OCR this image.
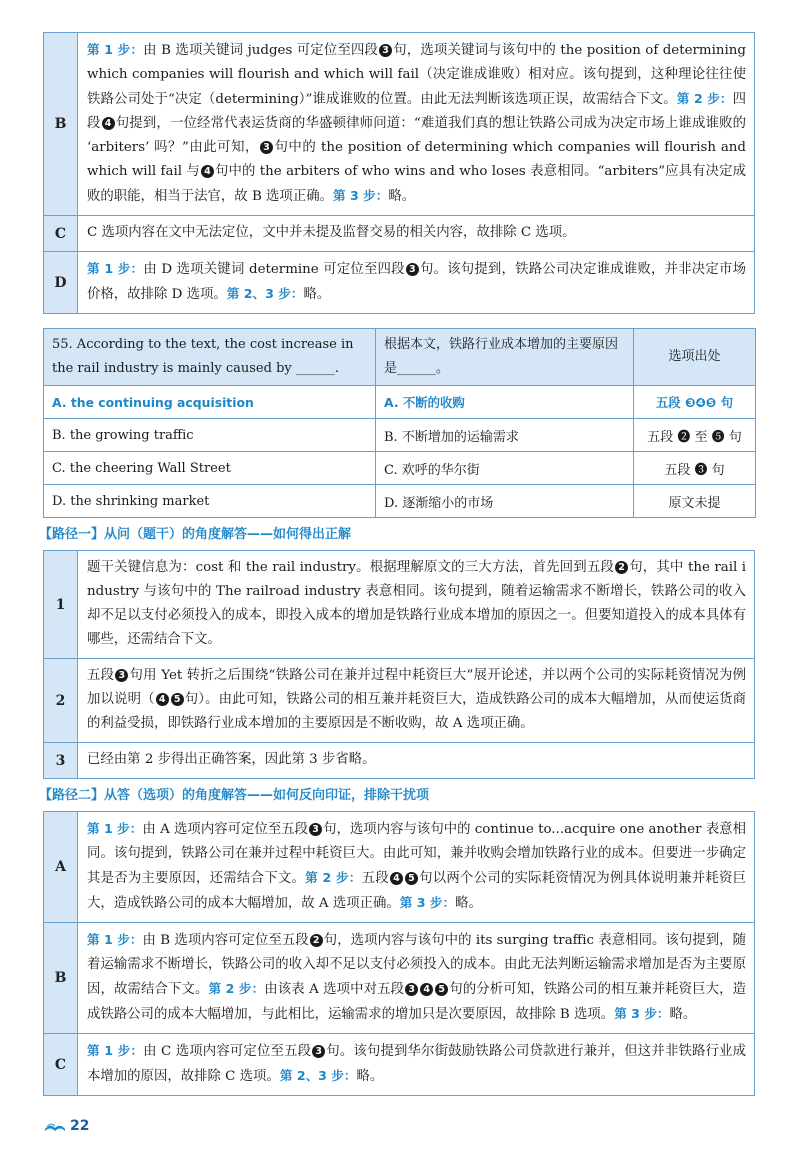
B	第 1 步：由 B 选项关键词 judges 可定位至四段 3 句，选项关键词与该句中的 the position of determining which companies will flourish and which will fail（决定谁成谁败）相对应。该句提到，这种理论往往使铁路公司处于“决定（determining）”谁成谁败的位置。由此无法判断该选项正误，故需结合下文。第 2 步：四段 4 句提到，一位经常代表运货商的华盛顿律师问道：“难道我们真的想让铁路公司成为决定市场上谁成谁败的 ‘arbiters’ 吗？”由此可知， 3 句中的 the position of determining which companies will flourish and which will fail 与 4 句中的 the arbiters of who wins and who loses 表意相同。“arbiters”应具有决定成败的职能，相当于法官，故 B 选项正确。第 3 步：略。
C	C 选项内容在文中无法定位，文中并未提及监督交易的相关内容，故排除 C 选项。
D	第 1 步：由 D 选项关键词 determine 可定位至四段 3 句。该句提到，铁路公司决定谁成谁败，并非决定市场价格，故排除 D 选项。第 2、3 步：略。
55. According to the text, the cost increase in the rail industry is mainly caused by ______.	根据本文，铁路行业成本增加的主要原因是______。	选项出处
A. the continuing acquisition	A. 不断的收购	五段 ❸❹❺ 句
B. the growing traffic	B. 不断增加的运输需求	五段 ❷ 至 ❺ 句
C. the cheering Wall Street	C. 欢呼的华尔街	五段 ❸ 句
D. the shrinking market	D. 逐渐缩小的市场	原文未提
【路径一】从问（题干）的角度解答——如何得出正解
1	题干关键信息为：cost 和 the rail industry。根据理解原文的三大方法，首先回到五段 2 句，其中 the rail industry 与该句中的 The railroad industry 表意相同。该句提到，随着运输需求不断增长，铁路公司的收入却不足以支付必须投入的成本，即投入成本的增加是铁路行业成本增加的原因之一。但要知道投入的成本具体有哪些，还需结合下文。
2	五段 3 句用 Yet 转折之后围绕“铁路公司在兼并过程中耗资巨大”展开论述，并以两个公司的实际耗资情况为例加以说明（ 4 5 句）。由此可知，铁路公司的相互兼并耗资巨大，造成铁路公司的成本大幅增加，从而使运货商的利益受损，即铁路行业成本增加的主要原因是不断收购，故 A 选项正确。
3	已经由第 2 步得出正确答案，因此第 3 步省略。
【路径二】从答（选项）的角度解答——如何反向印证，排除干扰项
A	第 1 步：由 A 选项内容可定位至五段 3 句，选项内容与该句中的 continue to...acquire one another 表意相同。该句提到，铁路公司在兼并过程中耗资巨大。由此可知，兼并收购会增加铁路行业的成本。但要进一步确定其是否为主要原因，还需结合下文。第 2 步：五段 4 5 句以两个公司的实际耗资情况为例具体说明兼并耗资巨大，造成铁路公司的成本大幅增加，故 A 选项正确。第 3 步：略。
B	第 1 步：由 B 选项内容可定位至五段 2 句，选项内容与该句中的 its surging traffic 表意相同。该句提到，随着运输需求不断增长，铁路公司的收入却不足以支付必须投入的成本。由此无法判断运输需求增加是否为主要原因，故需结合下文。第 2 步：由该表 A 选项中对五段 3 4 5 句的分析可知，铁路公司的相互兼并耗资巨大，造成铁路公司的成本大幅增加，与此相比，运输需求的增加只是次要原因，故排除 B 选项。第 3 步：略。
C	第 1 步：由 C 选项内容可定位至五段 3 句。该句提到华尔街鼓励铁路公司贷款进行兼并，但这并非铁路行业成本增加的原因，故排除 C 选项。第 2、3 步：略。
22
